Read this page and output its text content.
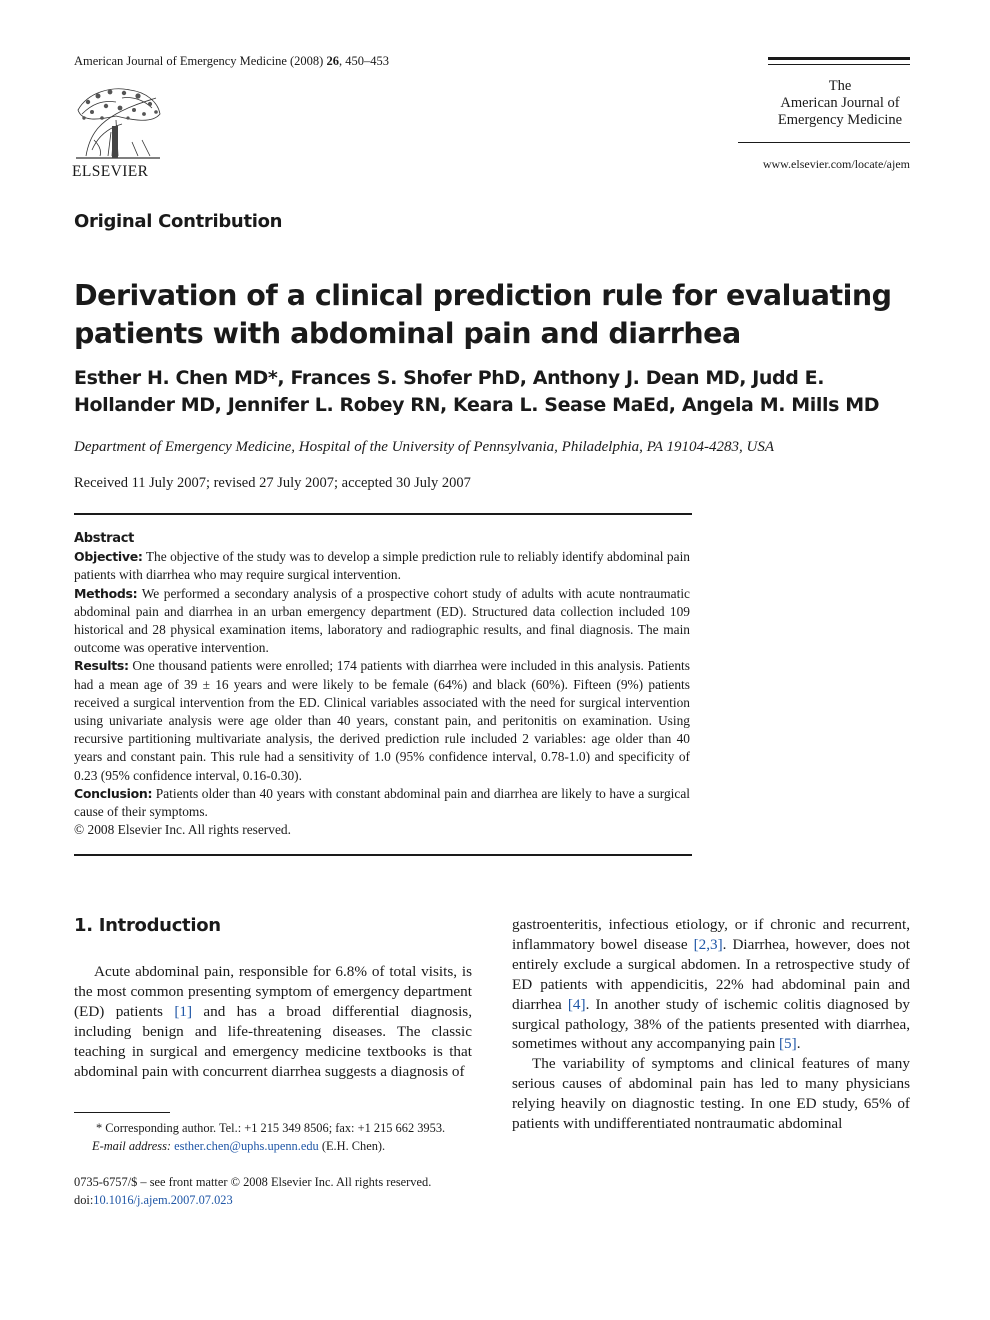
American Journal of Emergency Medicine (2008) 26, 450–453
ELSEVIER
The
American Journal of
Emergency Medicine
www.elsevier.com/locate/ajem
Original Contribution
Derivation of a clinical prediction rule for evaluating patients with abdominal pain and diarrhea

Esther H. Chen MD*, Frances S. Shofer PhD, Anthony J. Dean MD, Judd E. Hollander MD, Jennifer L. Robey RN, Keara L. Sease MaEd, Angela M. Mills MD

Department of Emergency Medicine, Hospital of the University of Pennsylvania, Philadelphia, PA 19104-4283, USA
Received 11 July 2007; revised 27 July 2007; accepted 30 July 2007
Abstract

Objective: The objective of the study was to develop a simple prediction rule to reliably identify abdominal pain patients with diarrhea who may require surgical intervention.

Methods: We performed a secondary analysis of a prospective cohort study of adults with acute nontraumatic abdominal pain and diarrhea in an urban emergency department (ED). Structured data collection included 109 historical and 28 physical examination items, laboratory and radiographic results, and final diagnosis. The main outcome was operative intervention.

Results: One thousand patients were enrolled; 174 patients with diarrhea were included in this analysis. Patients had a mean age of 39 ± 16 years and were likely to be female (64%) and black (60%). Fifteen (9%) patients received a surgical intervention from the ED. Clinical variables associated with the need for surgical intervention using univariate analysis were age older than 40 years, constant pain, and peritonitis on examination. Using recursive partitioning multivariate analysis, the derived prediction rule included 2 variables: age older than 40 years and constant pain. This rule had a sensitivity of 1.0 (95% confidence interval, 0.78-1.0) and specificity of 0.23 (95% confidence interval, 0.16-0.30).

Conclusion: Patients older than 40 years with constant abdominal pain and diarrhea are likely to have a surgical cause of their symptoms.

© 2008 Elsevier Inc. All rights reserved.

1. Introduction

Acute abdominal pain, responsible for 6.8% of total visits, is the most common presenting symptom of emergency department (ED) patients [1] and has a broad differential diagnosis, including benign and life-threatening diseases. The classic teaching in surgical and emergency medicine textbooks is that abdominal pain with concurrent diarrhea suggests a diagnosis of

gastroenteritis, infectious etiology, or if chronic and recurrent, inflammatory bowel disease [2,3]. Diarrhea, however, does not entirely exclude a surgical abdomen. In a retrospective study of ED patients with appendicitis, 22% had abdominal pain and diarrhea [4]. In another study of ischemic colitis diagnosed by surgical pathology, 38% of the patients presented with diarrhea, sometimes without any accompanying pain [5].

The variability of symptoms and clinical features of many serious causes of abdominal pain has led to many physicians relying heavily on diagnostic testing. In one ED study, 65% of patients with undifferentiated nontraumatic abdominal

* Corresponding author. Tel.: +1 215 349 8506; fax: +1 215 662 3953.

E-mail address: esther.chen@uphs.upenn.edu (E.H. Chen).

0735-6757/$ – see front matter © 2008 Elsevier Inc. All rights reserved.

doi:10.1016/j.ajem.2007.07.023
